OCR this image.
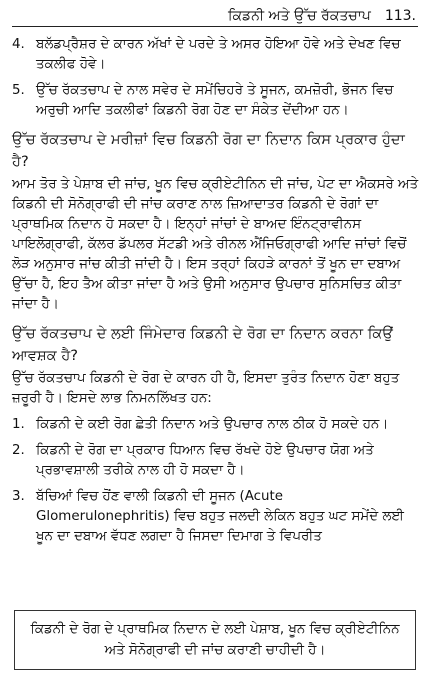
ਕਿਡਨੀ ਅਤੇ ਉੱਚ ਰੱਕਤਚਾਪ 113.
4. ਬਲੱਡਪ੍ਰੈਸ਼ਰ ਦੇ ਕਾਰਨ ਅੱਖਾਂ ਦੇ ਪਰਦੇ ਤੇ ਅਸਰ ਹੋਇਆ ਹੋਵੇ ਅਤੇ ਦੇਖਣ ਵਿਚ ਤਕਲੀਫ ਹੋਵੇ।
5. ਉੱਚ ਰੱਕਤਚਾਪ ਦੇ ਨਾਲ ਸਵੇਰ ਦੇ ਸਮੇਂਚਿਹਰੇ ਤੇ ਸੂਜਨ, ਕਮਜ਼ੋਰੀ, ਭੋਜਨ ਵਿਚ ਅਰੁਚੀ ਆਦਿ ਤਕਲੀਫਾਂ ਕਿਡਨੀ ਰੋਗ ਹੋਣ ਦਾ ਸੰਕੇਤ ਦੇਂਦੀਆ ਹਨ।
ਉੱਚ ਰੱਕਤਚਾਪ ਦੇ ਮਰੀਜ਼ਾਂ ਵਿਚ ਕਿਡਨੀ ਰੋਗ ਦਾ ਨਿਦਾਨ ਕਿਸ ਪ੍ਰਕਾਰ ਹੁੰਦਾ ਹੈ?

ਆਮ ਤੋਰ ਤੇ ਪੇਸ਼ਾਬ ਦੀ ਜਾਂਚ, ਖੂਨ ਵਿਚ ਕ੍ਰੀਏਟੀਨਿਨ ਦੀ ਜਾਂਚ, ਪੇਟ ਦਾ ਐਕਸਰੇ ਅਤੇ ਕਿਡਨੀ ਦੀ ਸੋਨੋਗ੍ਰਾਫੀ ਦੀ ਜਾਂਚ ਕਰਾਣ ਨਾਲ ਜ਼ਿਆਦਾਤਰ ਕਿਡਨੀ ਦੇ ਰੋਗਾਂ ਦਾ ਪ੍ਰਾਥਮਿਕ ਨਿਦਾਨ ਹੋ ਸਕਦਾ ਹੈ। ਇਨ੍ਹਾਂ ਜਾਂਚਾਂ ਦੇ ਬਾਅਦ ਇੰਨਟ੍ਰਾਵੀਨਸ ਪਾਇਲੋਗ੍ਰਾਫੀ, ਕੱਲਰ ਡੱਪਲਰ ਸੱਟਡੀ ਅਤੇ ਰੀਨਲ ਐਂਜਿਓਗ੍ਰਾਫੀ ਆਦਿ ਜਾਂਚਾਂ ਵਿਚੋਂ ਲੋੜ ਅਨੁਸਾਰ ਜਾਂਚ ਕੀਤੀ ਜਾਂਦੀ ਹੈ। ਇਸ ਤਰ੍ਹਾਂ ਕਿਹੜੇ ਕਾਰਨਾਂ ਤੋਂ ਖੂਨ ਦਾ ਦਬਾਅ ਉੱਚਾ ਹੈ, ਇਹ ਤੈਅ ਕੀਤਾ ਜਾਂਦਾ ਹੈ ਅਤੇ ਉਸੀ ਅਨੁਸਾਰ ਉਪਚਾਰ ਸੁਨਿਸਚਿਤ ਕੀਤਾ ਜਾਂਦਾ ਹੈ।

ਉੱਚ ਰੱਕਤਚਾਪ ਦੇ ਲਈ ਜਿੰਮੇਦਾਰ ਕਿਡਨੀ ਦੇ ਰੋਗ ਦਾ ਨਿਦਾਨ ਕਰਨਾ ਕਿਉਂ ਆਵਸ਼ਕ ਹੈ?

ਉੱਚ ਰੱਕਤਚਾਪ ਕਿਡਨੀ ਦੇ ਰੋਗ ਦੇ ਕਾਰਨ ਹੀ ਹੈ, ਇਸਦਾ ਤੁਰੰਤ ਨਿਦਾਨ ਹੋਣਾ ਬਹੁਤ ਜ਼ਰੂਰੀ ਹੈ। ਇਸਦੇ ਲਾਭ ਨਿਮਨਲਿੱਖਤ ਹਨ:

1. ਕਿਡਨੀ ਦੇ ਕਈ ਰੋਗ ਛੇਤੀ ਨਿਦਾਨ ਅਤੇ ਉਪਚਾਰ ਨਾਲ ਠੀਕ ਹੋ ਸਕਦੇ ਹਨ।
2. ਕਿਡਨੀ ਦੇ ਰੋਗ ਦਾ ਪ੍ਰਕਾਰ ਧਿਆਨ ਵਿਚ ਰੱਖਦੇ ਹੋਏ ਉਪਚਾਰ ਯੋਗ ਅਤੇ ਪ੍ਰਭਾਵਸ਼ਾਲੀ ਤਰੀਕੇ ਨਾਲ ਹੀ ਹੋ ਸਕਦਾ ਹੈ।
3. ਬੱਚਿਆਂ ਵਿਚ ਹੋਂਣ ਵਾਲੀ ਕਿਡਨੀ ਦੀ ਸੂਜਨ (Acute Glomerulonephritis) ਵਿਚ ਬਹੁਤ ਜਲਦੀ ਲੇਕਿਨ ਬਹੁਤ ਘਟ ਸਮੇਂਦੇ ਲਈ ਖੂਨ ਦਾ ਦਬਾਅ ਵੱਧਣ ਲਗਦਾ ਹੈ ਜਿਸਦਾ ਦਿਮਾਗ ਤੇ ਵਿਪਰੀਤ
ਕਿਡਨੀ ਦੇ ਰੋਗ ਦੇ ਪ੍ਰਾਥਮਿਕ ਨਿਦਾਨ ਦੇ ਲਈ ਪੇਸ਼ਾਬ, ਖੂਨ ਵਿਚ ਕ੍ਰੀਏਟੀਨਿਨ ਅਤੇ ਸੋਨੋਗ੍ਰਾਫੀ ਦੀ ਜਾਂਚ ਕਰਾਣੀ ਚਾਹੀਦੀ ਹੈ।
